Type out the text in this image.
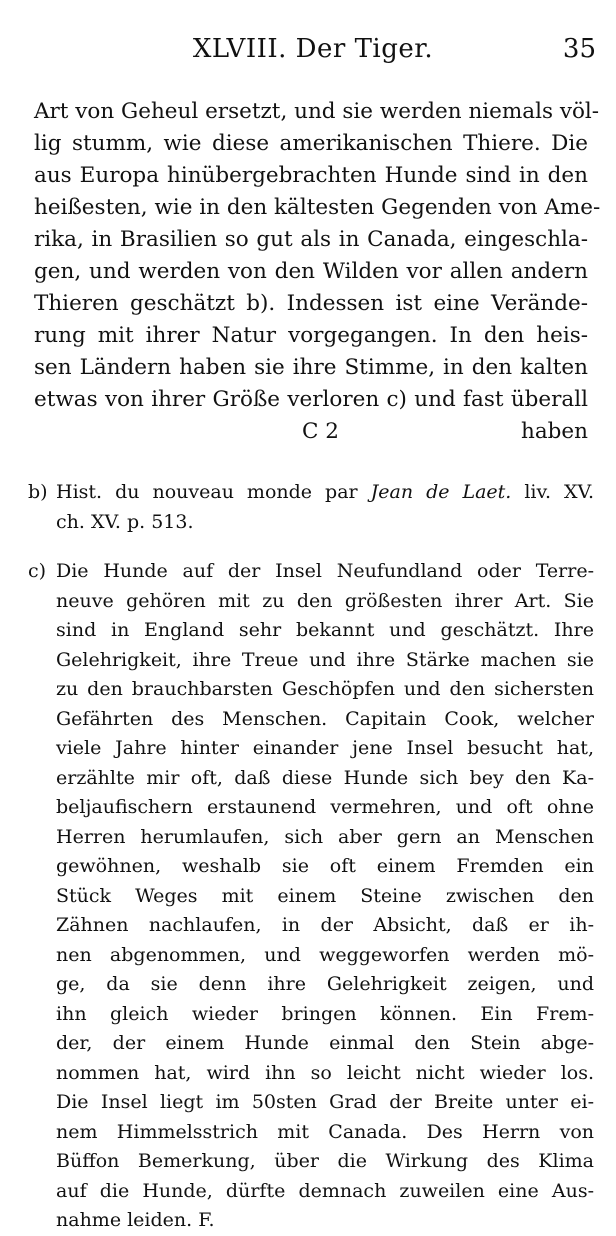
XLVIII. Der Tiger.	35
Art von Geheul ersetzt, und sie werden niemals völ-
lig stumm, wie diese amerikanischen Thiere. Die
aus Europa hinübergebrachten Hunde sind in den
heißesten, wie in den kältesten Gegenden von Ame-
rika, in Brasilien so gut als in Canada, eingeschla-
gen, und werden von den Wilden vor allen andern
Thieren geschätzt b). Indessen ist eine Verände-
rung mit ihrer Natur vorgegangen. In den heis-
sen Ländern haben sie ihre Stimme, in den kalten
etwas von ihrer Größe verloren c) und fast überall
C 2	haben
b) Hist. du nouveau monde par Jean de Laet. liv. XV.
ch. XV. p. 513.
c) Die Hunde auf der Insel Neufundland oder Terre-
neuve gehören mit zu den größesten ihrer Art. Sie
sind in England sehr bekannt und geschätzt. Ihre
Gelehrigkeit, ihre Treue und ihre Stärke machen sie
zu den brauchbarsten Geschöpfen und den sichersten
Gefährten des Menschen. Capitain Cook, welcher
viele Jahre hinter einander jene Insel besucht hat,
erzählte mir oft, daß diese Hunde sich bey den Ka-
beljaufischern erstaunend vermehren, und oft ohne
Herren herumlaufen, sich aber gern an Menschen
gewöhnen, weshalb sie oft einem Fremden ein
Stück Weges mit einem Steine zwischen den
Zähnen nachlaufen, in der Absicht, daß er ih-
nen abgenommen, und weggeworfen werden mö-
ge, da sie denn ihre Gelehrigkeit zeigen, und
ihn gleich wieder bringen können. Ein Frem-
der, der einem Hunde einmal den Stein abge-
nommen hat, wird ihn so leicht nicht wieder los.
Die Insel liegt im 50sten Grad der Breite unter ei-
nem Himmelsstrich mit Canada. Des Herrn von
Büffon Bemerkung, über die Wirkung des Klima
auf die Hunde, dürfte demnach zuweilen eine Aus-
nahme leiden. F.
